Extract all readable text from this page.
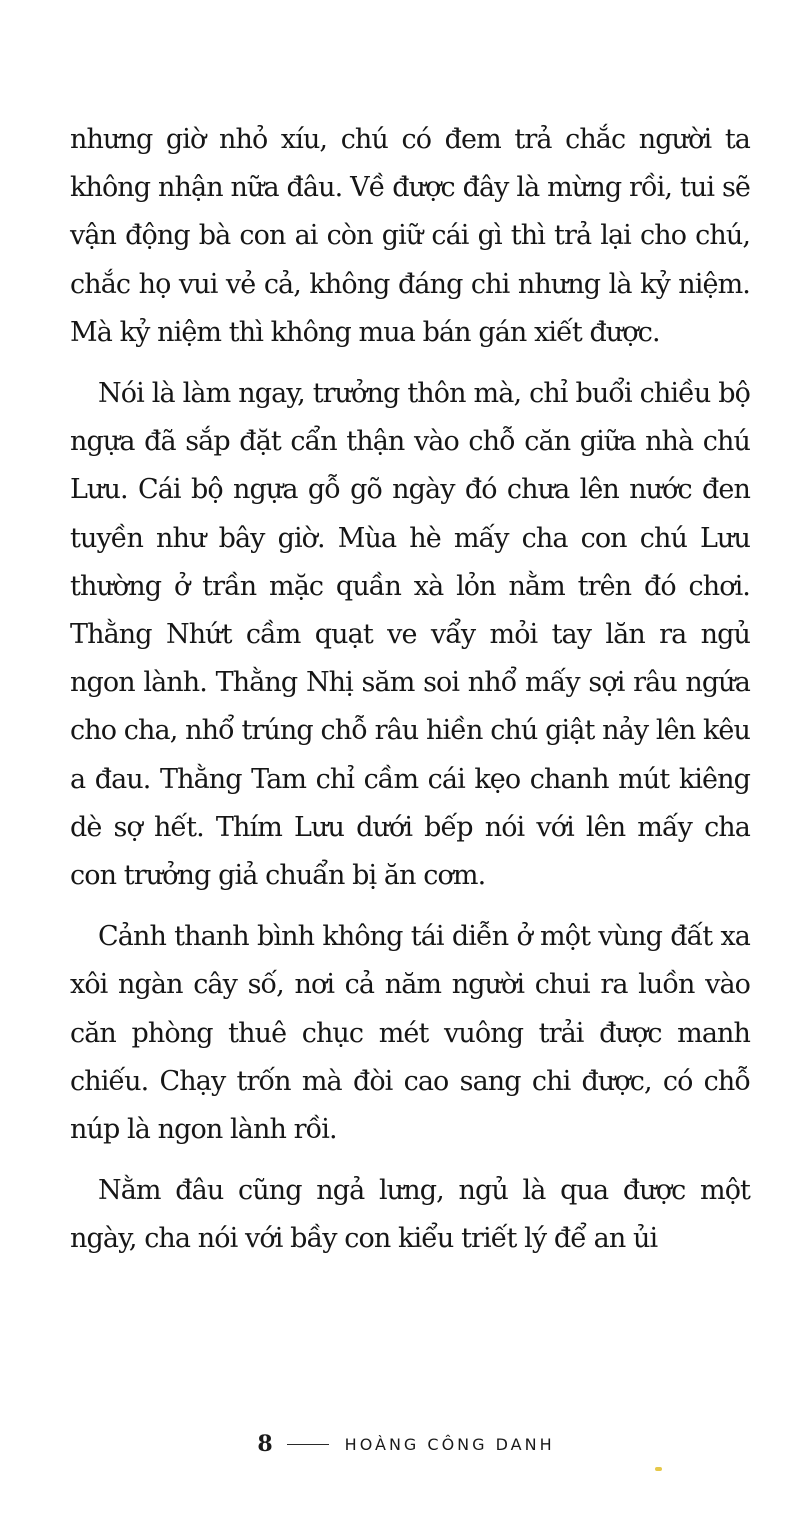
nhưng giờ nhỏ xíu, chú có đem trả chắc người ta không nhận nữa đâu. Về được đây là mừng rồi, tui sẽ vận động bà con ai còn giữ cái gì thì trả lại cho chú, chắc họ vui vẻ cả, không đáng chi nhưng là kỷ niệm. Mà kỷ niệm thì không mua bán gán xiết được.

Nói là làm ngay, trưởng thôn mà, chỉ buổi chiều bộ ngựa đã sắp đặt cẩn thận vào chỗ căn giữa nhà chú Lưu. Cái bộ ngựa gỗ gõ ngày đó chưa lên nước đen tuyền như bây giờ. Mùa hè mấy cha con chú Lưu thường ở trần mặc quần xà lỏn nằm trên đó chơi. Thằng Nhứt cầm quạt ve vẩy mỏi tay lăn ra ngủ ngon lành. Thằng Nhị săm soi nhổ mấy sợi râu ngứa cho cha, nhổ trúng chỗ râu hiền chú giật nảy lên kêu a đau. Thằng Tam chỉ cầm cái kẹo chanh mút kiêng dè sợ hết. Thím Lưu dưới bếp nói với lên mấy cha con trưởng giả chuẩn bị ăn cơm.

Cảnh thanh bình không tái diễn ở một vùng đất xa xôi ngàn cây số, nơi cả năm người chui ra luồn vào căn phòng thuê chục mét vuông trải được manh chiếu. Chạy trốn mà đòi cao sang chi được, có chỗ núp là ngon lành rồi.

Nằm đâu cũng ngả lưng, ngủ là qua được một ngày, cha nói với bầy con kiểu triết lý để an ủi

8	HOÀNG CÔNG DANH
